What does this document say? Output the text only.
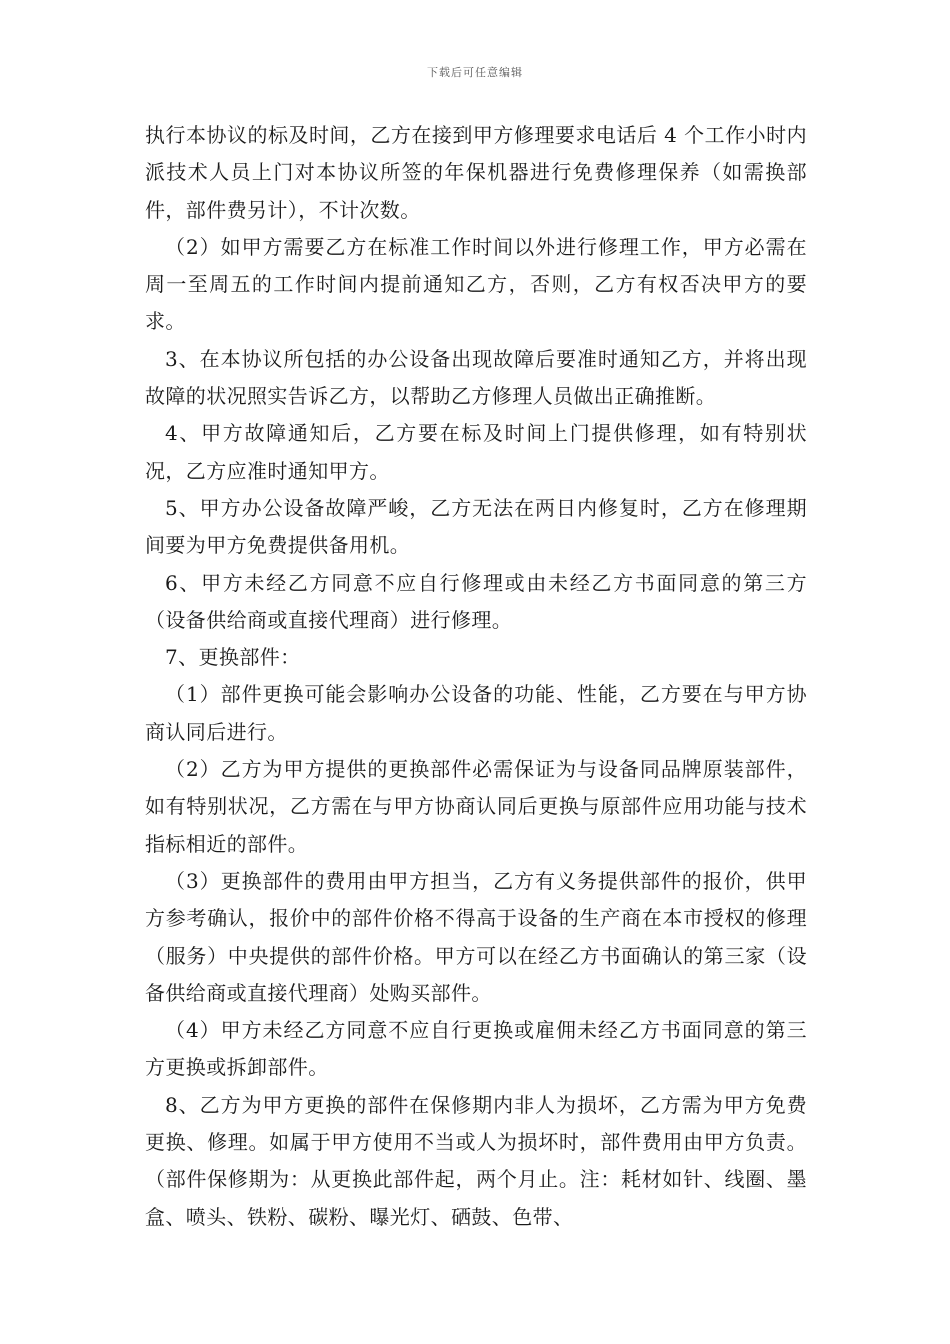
下载后可任意编辑

执行本协议的标及时间，乙方在接到甲方修理要求电话后 4 个工作小时内派技术人员上门对本协议所签的年保机器进行免费修理保养（如需换部件，部件费另计），不计次数。

（2）如甲方需要乙方在标准工作时间以外进行修理工作，甲方必需在周一至周五的工作时间内提前通知乙方，否则，乙方有权否决甲方的要求。

3、在本协议所包括的办公设备出现故障后要准时通知乙方，并将出现故障的状况照实告诉乙方，以帮助乙方修理人员做出正确推断。

4、甲方故障通知后，乙方要在标及时间上门提供修理，如有特别状况，乙方应准时通知甲方。

5、甲方办公设备故障严峻，乙方无法在两日内修复时，乙方在修理期间要为甲方免费提供备用机。

6、甲方未经乙方同意不应自行修理或由未经乙方书面同意的第三方（设备供给商或直接代理商）进行修理。

7、更换部件：

（1）部件更换可能会影响办公设备的功能、性能，乙方要在与甲方协商认同后进行。

（2）乙方为甲方提供的更换部件必需保证为与设备同品牌原装部件，如有特别状况，乙方需在与甲方协商认同后更换与原部件应用功能与技术指标相近的部件。

（3）更换部件的费用由甲方担当，乙方有义务提供部件的报价，供甲方参考确认，报价中的部件价格不得高于设备的生产商在本市授权的修理（服务）中央提供的部件价格。甲方可以在经乙方书面确认的第三家（设备供给商或直接代理商）处购买部件。

（4）甲方未经乙方同意不应自行更换或雇佣未经乙方书面同意的第三方更换或拆卸部件。

8、乙方为甲方更换的部件在保修期内非人为损坏，乙方需为甲方免费更换、修理。如属于甲方使用不当或人为损坏时，部件费用由甲方负责。（部件保修期为：从更换此部件起，两个月止。注：耗材如针、线圈、墨盒、喷头、铁粉、碳粉、曝光灯、硒鼓、色带、
